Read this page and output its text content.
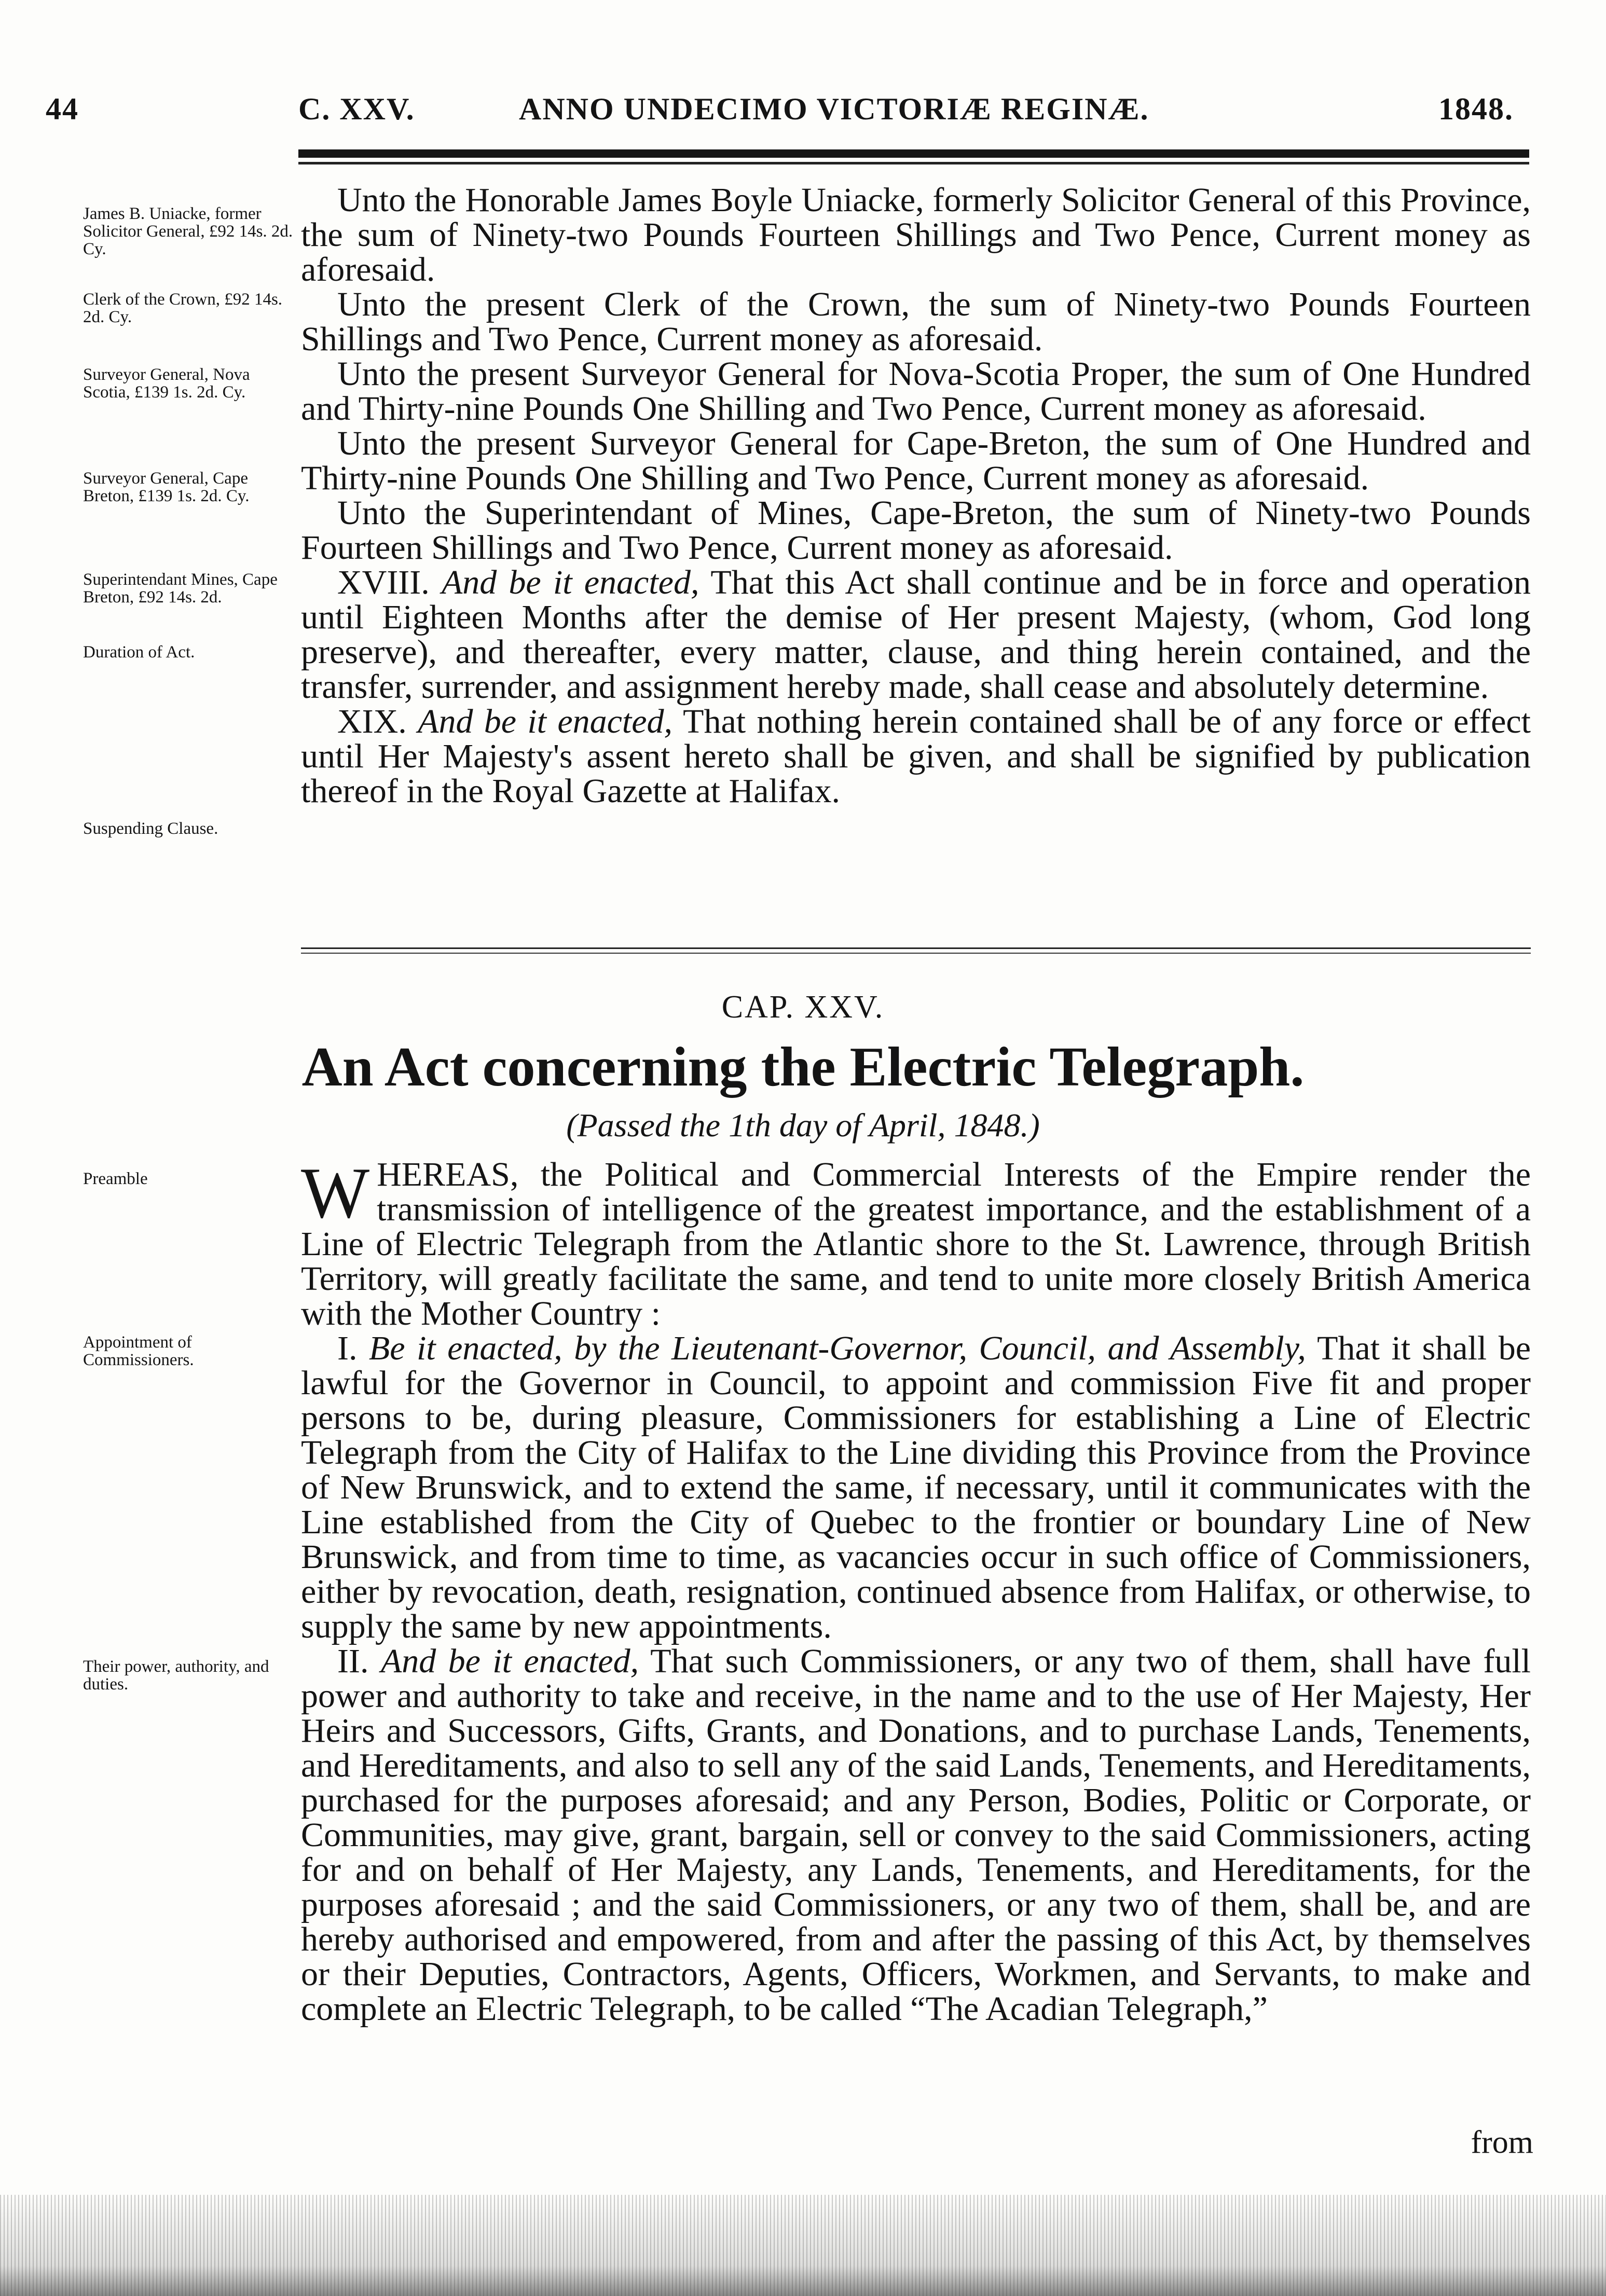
44	C. XXV.	ANNO UNDECIMO VICTORIÆ REGINÆ.	1848.
James B. Uniacke, former Solicitor General, £92 14s. 2d. Cy.
Clerk of the Crown, £92 14s. 2d. Cy.
Surveyor General, Nova Scotia, £139 1s. 2d. Cy.
Surveyor General, Cape Breton, £139 1s. 2d. Cy.
Superintendant Mines, Cape Breton, £92 14s. 2d.
Duration of Act.
Suspending Clause.
Preamble
Appointment of Commissioners.
Their power, authority, and duties.

Unto the Honorable James Boyle Uniacke, formerly Solicitor General of this Province, the sum of Ninety-two Pounds Fourteen Shillings and Two Pence, Current money as aforesaid.

Unto the present Clerk of the Crown, the sum of Ninety-two Pounds Fourteen Shillings and Two Pence, Current money as aforesaid.

Unto the present Surveyor General for Nova-Scotia Proper, the sum of One Hundred and Thirty-nine Pounds One Shilling and Two Pence, Current money as aforesaid.

Unto the present Surveyor General for Cape-Breton, the sum of One Hundred and Thirty-nine Pounds One Shilling and Two Pence, Current money as aforesaid.

Unto the Superintendant of Mines, Cape-Breton, the sum of Ninety-two Pounds Fourteen Shillings and Two Pence, Current money as aforesaid.

XVIII. And be it enacted, That this Act shall continue and be in force and operation until Eighteen Months after the demise of Her present Majesty, (whom, God long preserve), and thereafter, every matter, clause, and thing herein contained, and the transfer, surrender, and assignment hereby made, shall cease and absolutely determine.

XIX. And be it enacted, That nothing herein contained shall be of any force or effect until Her Majesty's assent hereto shall be given, and shall be signified by publication thereof in the Royal Gazette at Halifax.

CAP. XXV.
An Act concerning the Electric Telegraph.
(Passed the 1th day of April, 1848.)

WHEREAS, the Political and Commercial Interests of the Empire render the transmission of intelligence of the greatest importance, and the establishment of a Line of Electric Telegraph from the Atlantic shore to the St. Lawrence, through British Territory, will greatly facilitate the same, and tend to unite more closely British America with the Mother Country :

I. Be it enacted, by the Lieutenant-Governor, Council, and Assembly, That it shall be lawful for the Governor in Council, to appoint and commission Five fit and proper persons to be, during pleasure, Commissioners for establishing a Line of Electric Telegraph from the City of Halifax to the Line dividing this Province from the Province of New Brunswick, and to extend the same, if necessary, until it communicates with the Line established from the City of Quebec to the frontier or boundary Line of New Brunswick, and from time to time, as vacancies occur in such office of Commissioners, either by revocation, death, resignation, continued absence from Halifax, or otherwise, to supply the same by new appointments.

II. And be it enacted, That such Commissioners, or any two of them, shall have full power and authority to take and receive, in the name and to the use of Her Majesty, Her Heirs and Successors, Gifts, Grants, and Donations, and to purchase Lands, Tenements, and Hereditaments, and also to sell any of the said Lands, Tenements, and Hereditaments, purchased for the purposes aforesaid; and any Person, Bodies, Politic or Corporate, or Communities, may give, grant, bargain, sell or convey to the said Commissioners, acting for and on behalf of Her Majesty, any Lands, Tenements, and Hereditaments, for the purposes aforesaid ; and the said Commissioners, or any two of them, shall be, and are hereby authorised and empowered, from and after the passing of this Act, by themselves or their Deputies, Contractors, Agents, Officers, Workmen, and Servants, to make and complete an Electric Telegraph, to be called “The Acadian Telegraph,”

from
